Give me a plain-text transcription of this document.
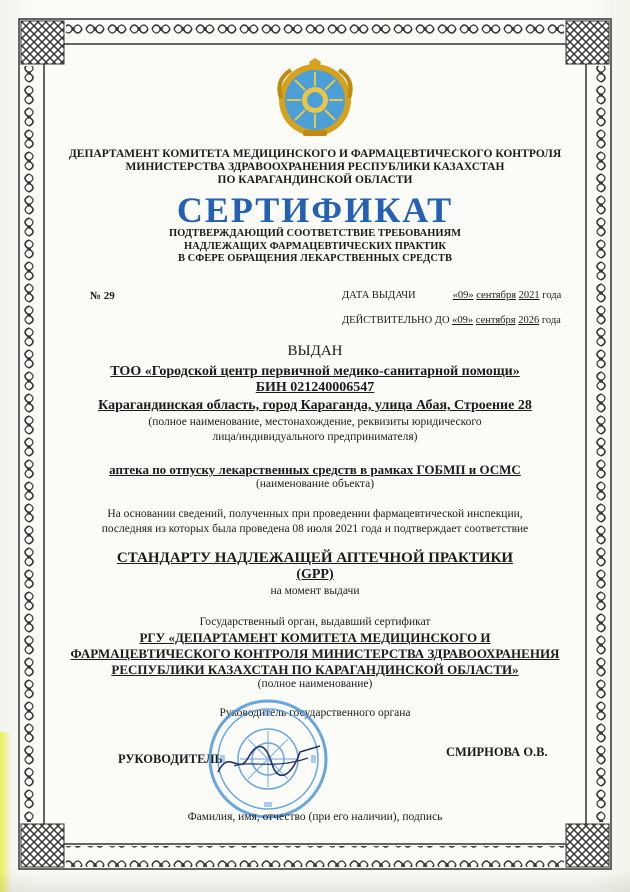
ДЕПАРТАМЕНТ КОМИТЕТА МЕДИЦИНСКОГО И ФАРМАЦЕВТИЧЕСКОГО КОНТРОЛЯ
МИНИСТЕРСТВА ЗДРАВООХРАНЕНИЯ РЕСПУБЛИКИ КАЗАХСТАН
ПО КАРАГАНДИНСКОЙ ОБЛАСТИ
СЕРТИФИКАТ
ПОДТВЕРЖДАЮЩИЙ СООТВЕТСТВИЕ ТРЕБОВАНИЯМ
НАДЛЕЖАЩИХ ФАРМАЦЕВТИЧЕСКИХ ПРАКТИК
В СФЕРЕ ОБРАЩЕНИЯ ЛЕКАРСТВЕННЫХ СРЕДСТВ
№ 29	ДАТА ВЫДАЧИ	«09» сентября 2021 года
ДЕЙСТВИТЕЛЬНО ДО «09» сентября 2026 года
ВЫДАН
ТОО «Городской центр первичной медико-санитарной помощи»
БИН 021240006547
Карагандинская область, город Караганда, улица Абая, Строение 28
(полное наименование, местонахождение, реквизиты юридического лица/индивидуального предпринимателя)
аптека по отпуску лекарственных средств в рамках ГОБМП и ОСМС
(наименование объекта)
На основании сведений, полученных при проведении фармацевтической инспекции,
последняя из которых была проведена 08 июля 2021 года и подтверждает соответствие
СТАНДАРТУ НАДЛЕЖАЩЕЙ АПТЕЧНОЙ ПРАКТИКИ
(GPP)
на момент выдачи
Государственный орган, выдавший сертификат
РГУ «ДЕПАРТАМЕНТ КОМИТЕТА МЕДИЦИНСКОГО И
ФАРМАЦЕВТИЧЕСКОГО КОНТРОЛЯ МИНИСТЕРСТВА ЗДРАВООХРАНЕНИЯ
РЕСПУБЛИКИ КАЗАХСТАН ПО КАРАГАНДИНСКОЙ ОБЛАСТИ»
(полное наименование)
Руководитель государственного органа
РУКОВОДИТЕЛЬ	СМИРНОВА О.В.
Фамилия, имя, отчество (при его наличии), подпись
